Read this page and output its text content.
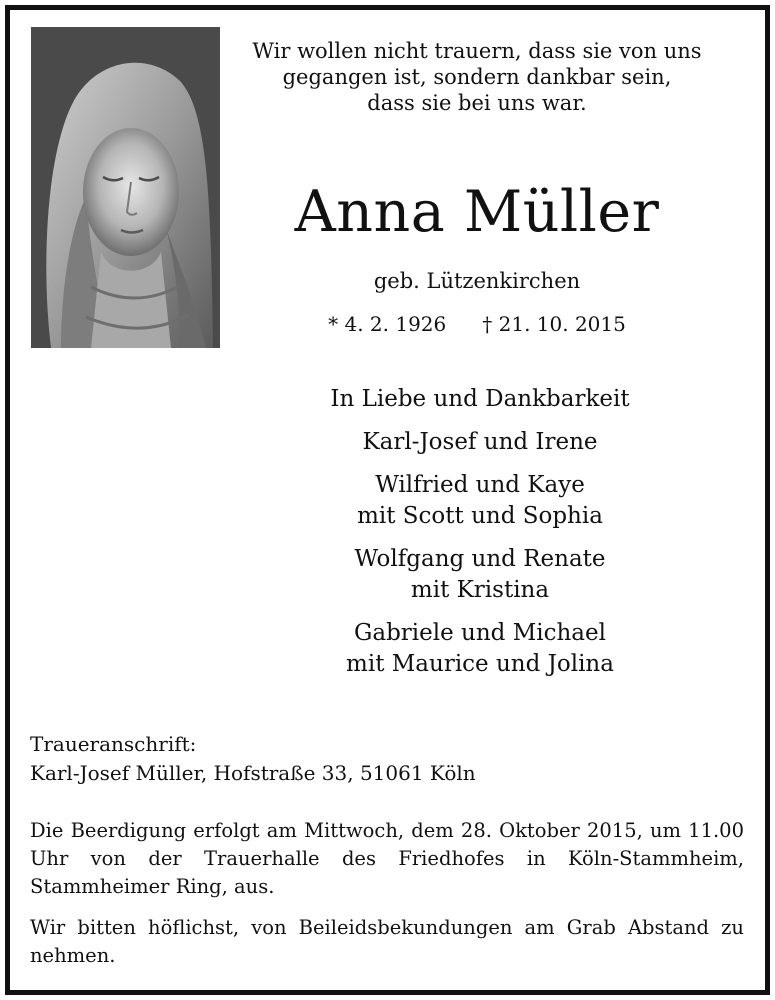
Wir wollen nicht trauern, dass sie von uns
gegangen ist, sondern dankbar sein,
dass sie bei uns war.
Anna Müller
geb. Lützenkirchen
* 4. 2. 1926 † 21. 10. 2015
In Liebe und Dankbarkeit
Karl-Josef und Irene
Wilfried und Kaye
mit Scott und Sophia
Wolfgang und Renate
mit Kristina
Gabriele und Michael
mit Maurice und Jolina
Traueranschrift:
Karl-Josef Müller, Hofstraße 33, 51061 Köln
Die Beerdigung erfolgt am Mittwoch, dem 28. Oktober 2015, um 11.00 Uhr von der Trauerhalle des Friedhofes in Köln-Stammheim, Stammheimer Ring, aus.
Wir bitten höflichst, von Beileidsbekundungen am Grab Abstand zu nehmen.
